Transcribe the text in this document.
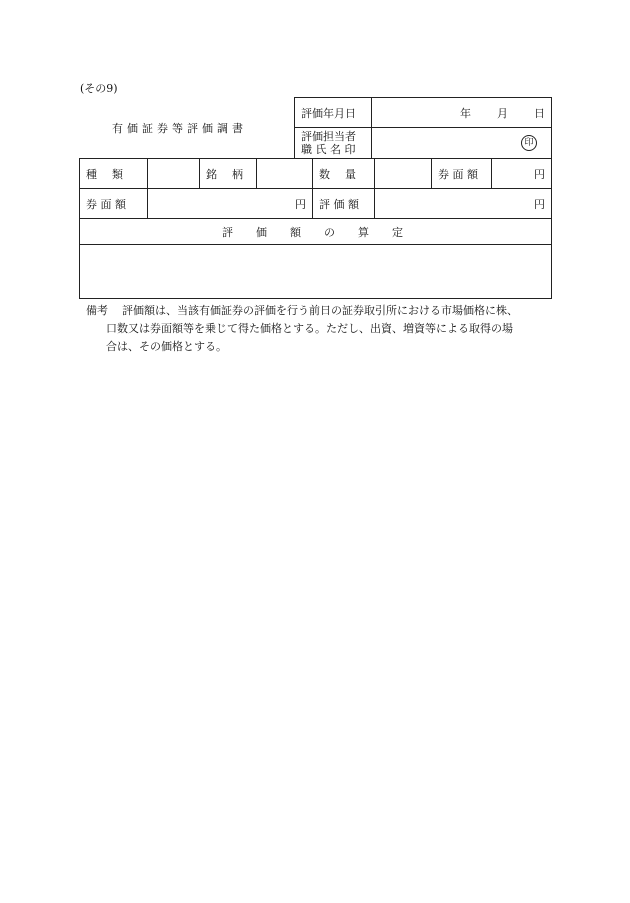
(その9)
有価証券等評価調書
評価年月日	年 月 日

評価担当者
職 氏 名 印	印
種　類		銘　柄		数　量		券 面 額	円
券 面 額	円			評 価 額	円		
評　価　額　の　算　定							

備考 評価額は、当該有価証券の評価を行う前日の証券取引所における市場価格に株、
口数又は券面額等を乗じて得た価格とする。ただし、出資、増資等による取得の場
合は、その価格とする。
